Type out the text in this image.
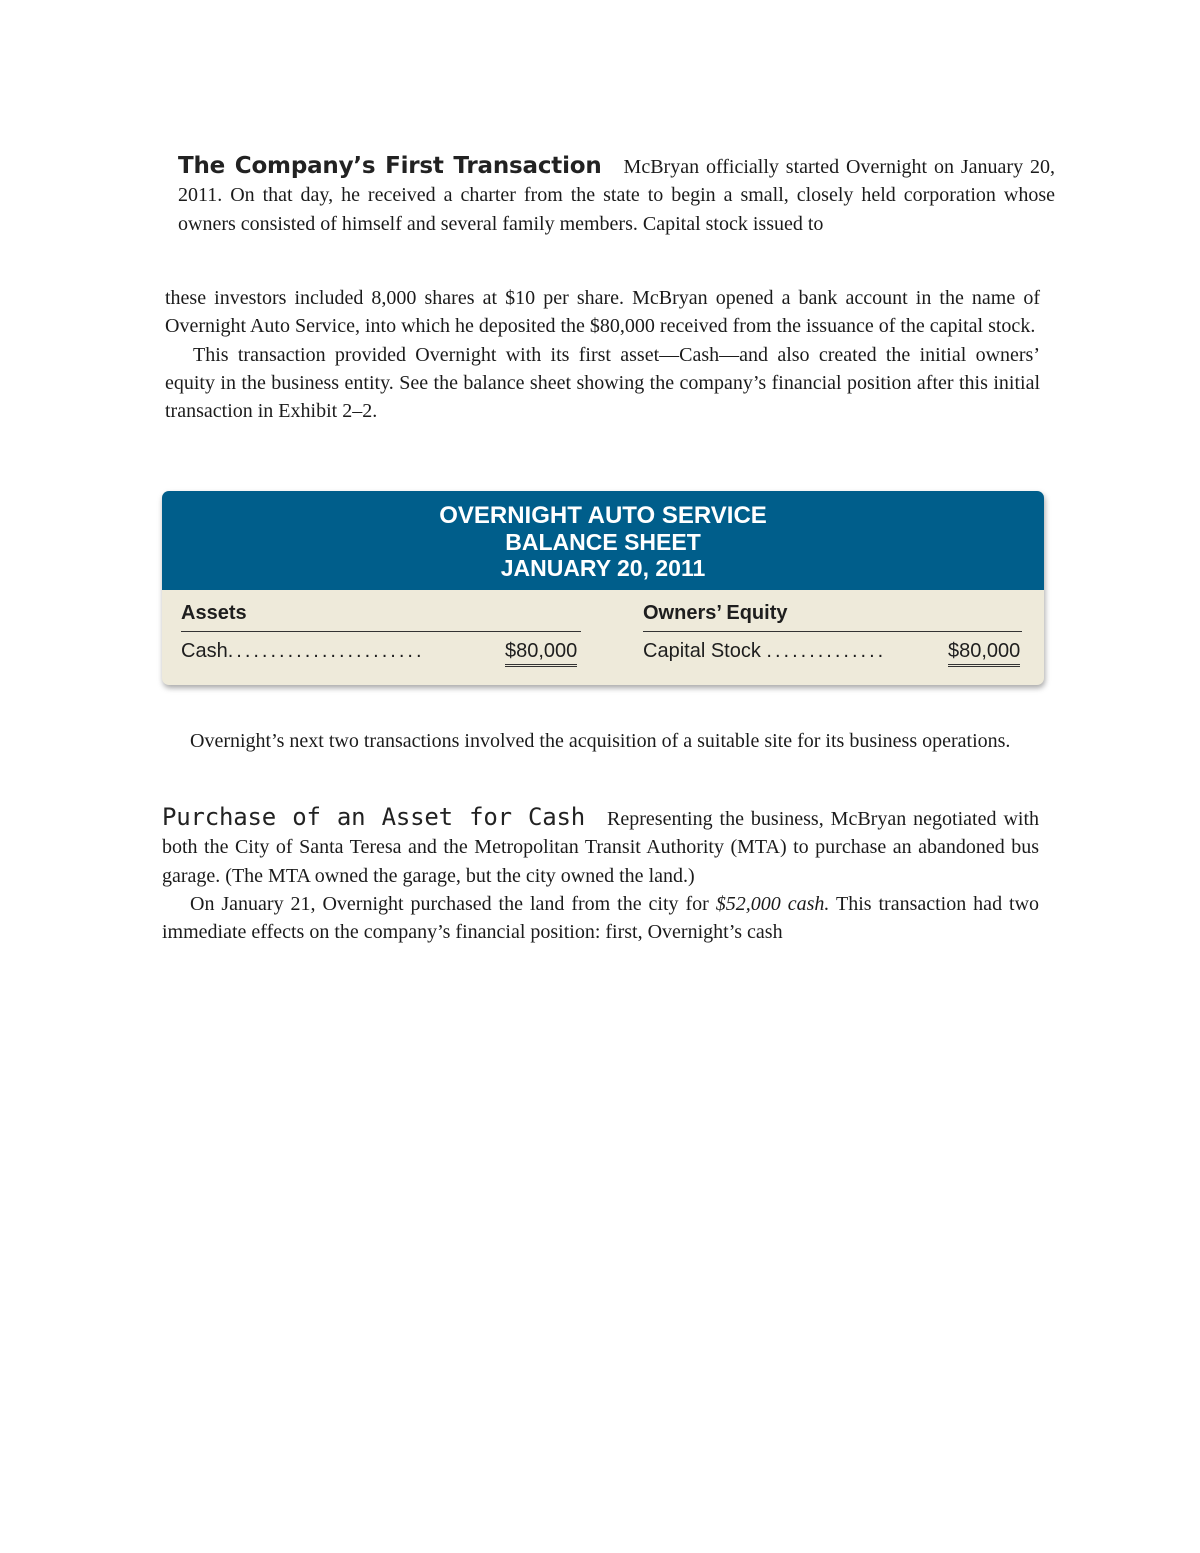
The Company’s First Transaction McBryan officially started Overnight on January 20, 2011. On that day, he received a charter from the state to begin a small, closely held corporation whose owners consisted of himself and several family members. Capital stock issued to

these investors included 8,000 shares at $10 per share. McBryan opened a bank account in the name of Overnight Auto Service, into which he deposited the $80,000 received from the issuance of the capital stock.

This transaction provided Overnight with its first asset—Cash—and also created the initial owners’ equity in the business entity. See the balance sheet showing the company’s financial position after this initial transaction in Exhibit 2–2.

OVERNIGHT AUTO SERVICE
BALANCE SHEET
JANUARY 20, 2011
Assets	Owners’ Equity
Cash.......................	$80,000	Capital Stock ..............	$80,000

Overnight’s next two transactions involved the acquisition of a suitable site for its business operations.

Purchase of an Asset for Cash Representing the business, McBryan negotiated with both the City of Santa Teresa and the Metropolitan Transit Authority (MTA) to purchase an abandoned bus garage. (The MTA owned the garage, but the city owned the land.)

On January 21, Overnight purchased the land from the city for $52,000 cash. This transaction had two immediate effects on the company’s financial position: first, Overnight’s cash
